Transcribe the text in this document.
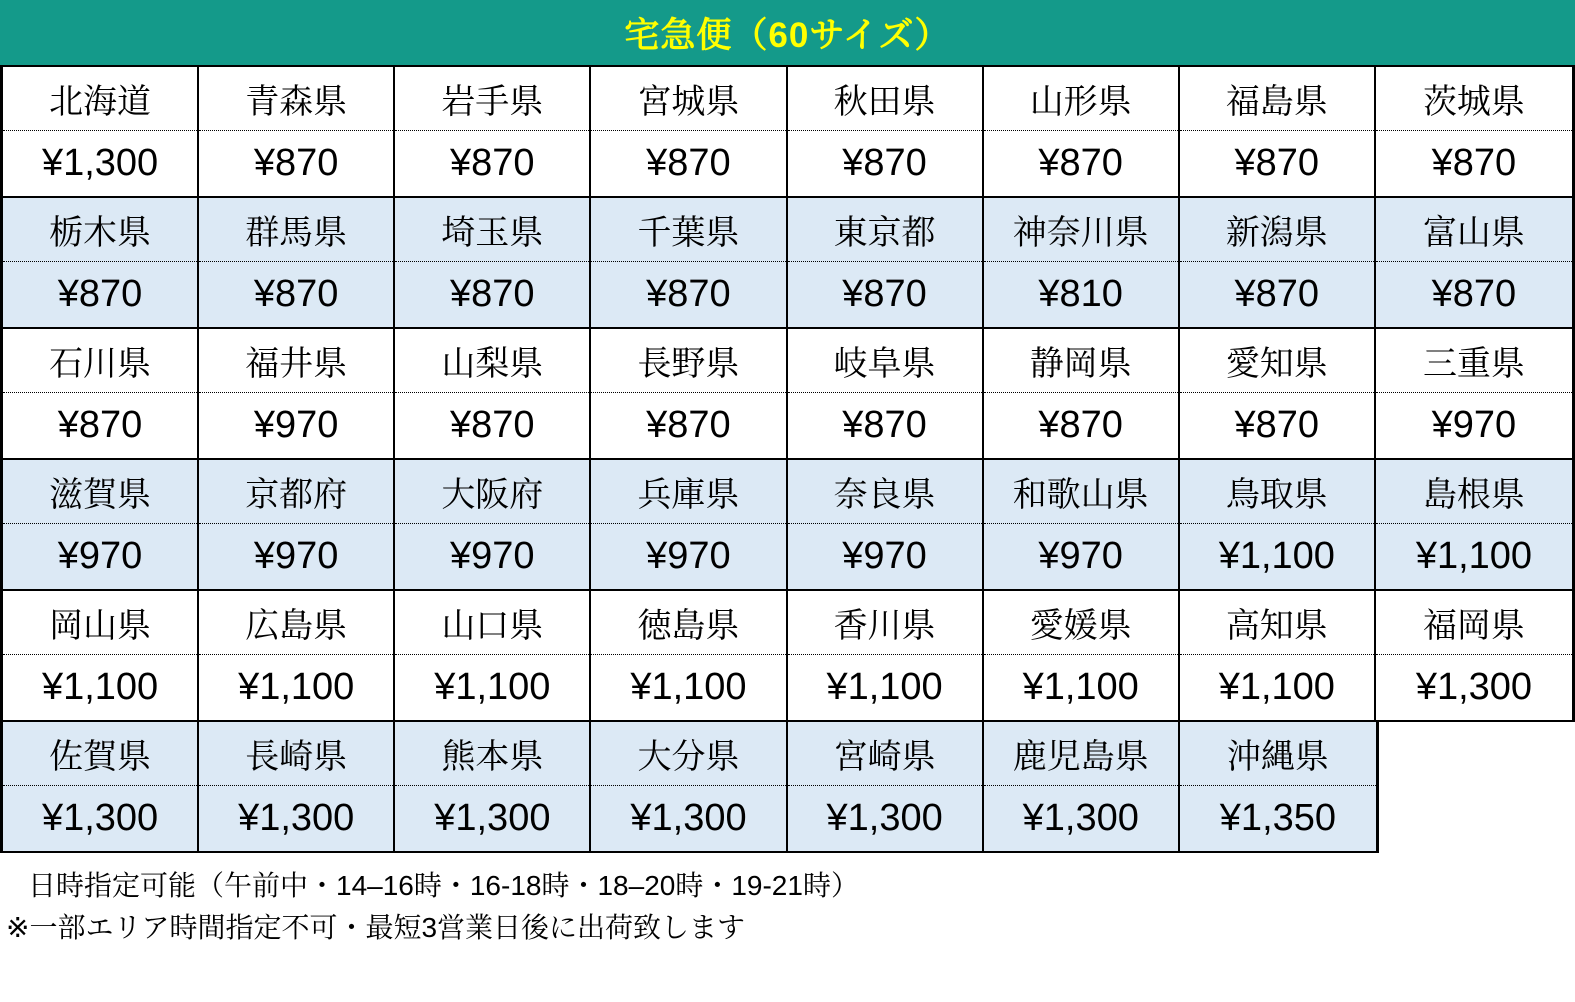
宅急便（60サイズ）
北海道
¥1,300
青森県
¥870
岩手県
¥870
宮城県
¥870
秋田県
¥870
山形県
¥870
福島県
¥870
茨城県
¥870
栃木県
¥870
群馬県
¥870
埼玉県
¥870
千葉県
¥870
東京都
¥870
神奈川県
¥810
新潟県
¥870
富山県
¥870
石川県
¥870
福井県
¥970
山梨県
¥870
長野県
¥870
岐阜県
¥870
静岡県
¥870
愛知県
¥870
三重県
¥970
滋賀県
¥970
京都府
¥970
大阪府
¥970
兵庫県
¥970
奈良県
¥970
和歌山県
¥970
鳥取県
¥1,100
島根県
¥1,100
岡山県
¥1,100
広島県
¥1,100
山口県
¥1,100
徳島県
¥1,100
香川県
¥1,100
愛媛県
¥1,100
高知県
¥1,100
福岡県
¥1,300
佐賀県
¥1,300
長崎県
¥1,300
熊本県
¥1,300
大分県
¥1,300
宮崎県
¥1,300
鹿児島県
¥1,300
沖縄県
¥1,350
日時指定可能（午前中・14–16時・16-18時・18–20時・19-21時）
※一部エリア時間指定不可・最短3営業日後に出荷致します
